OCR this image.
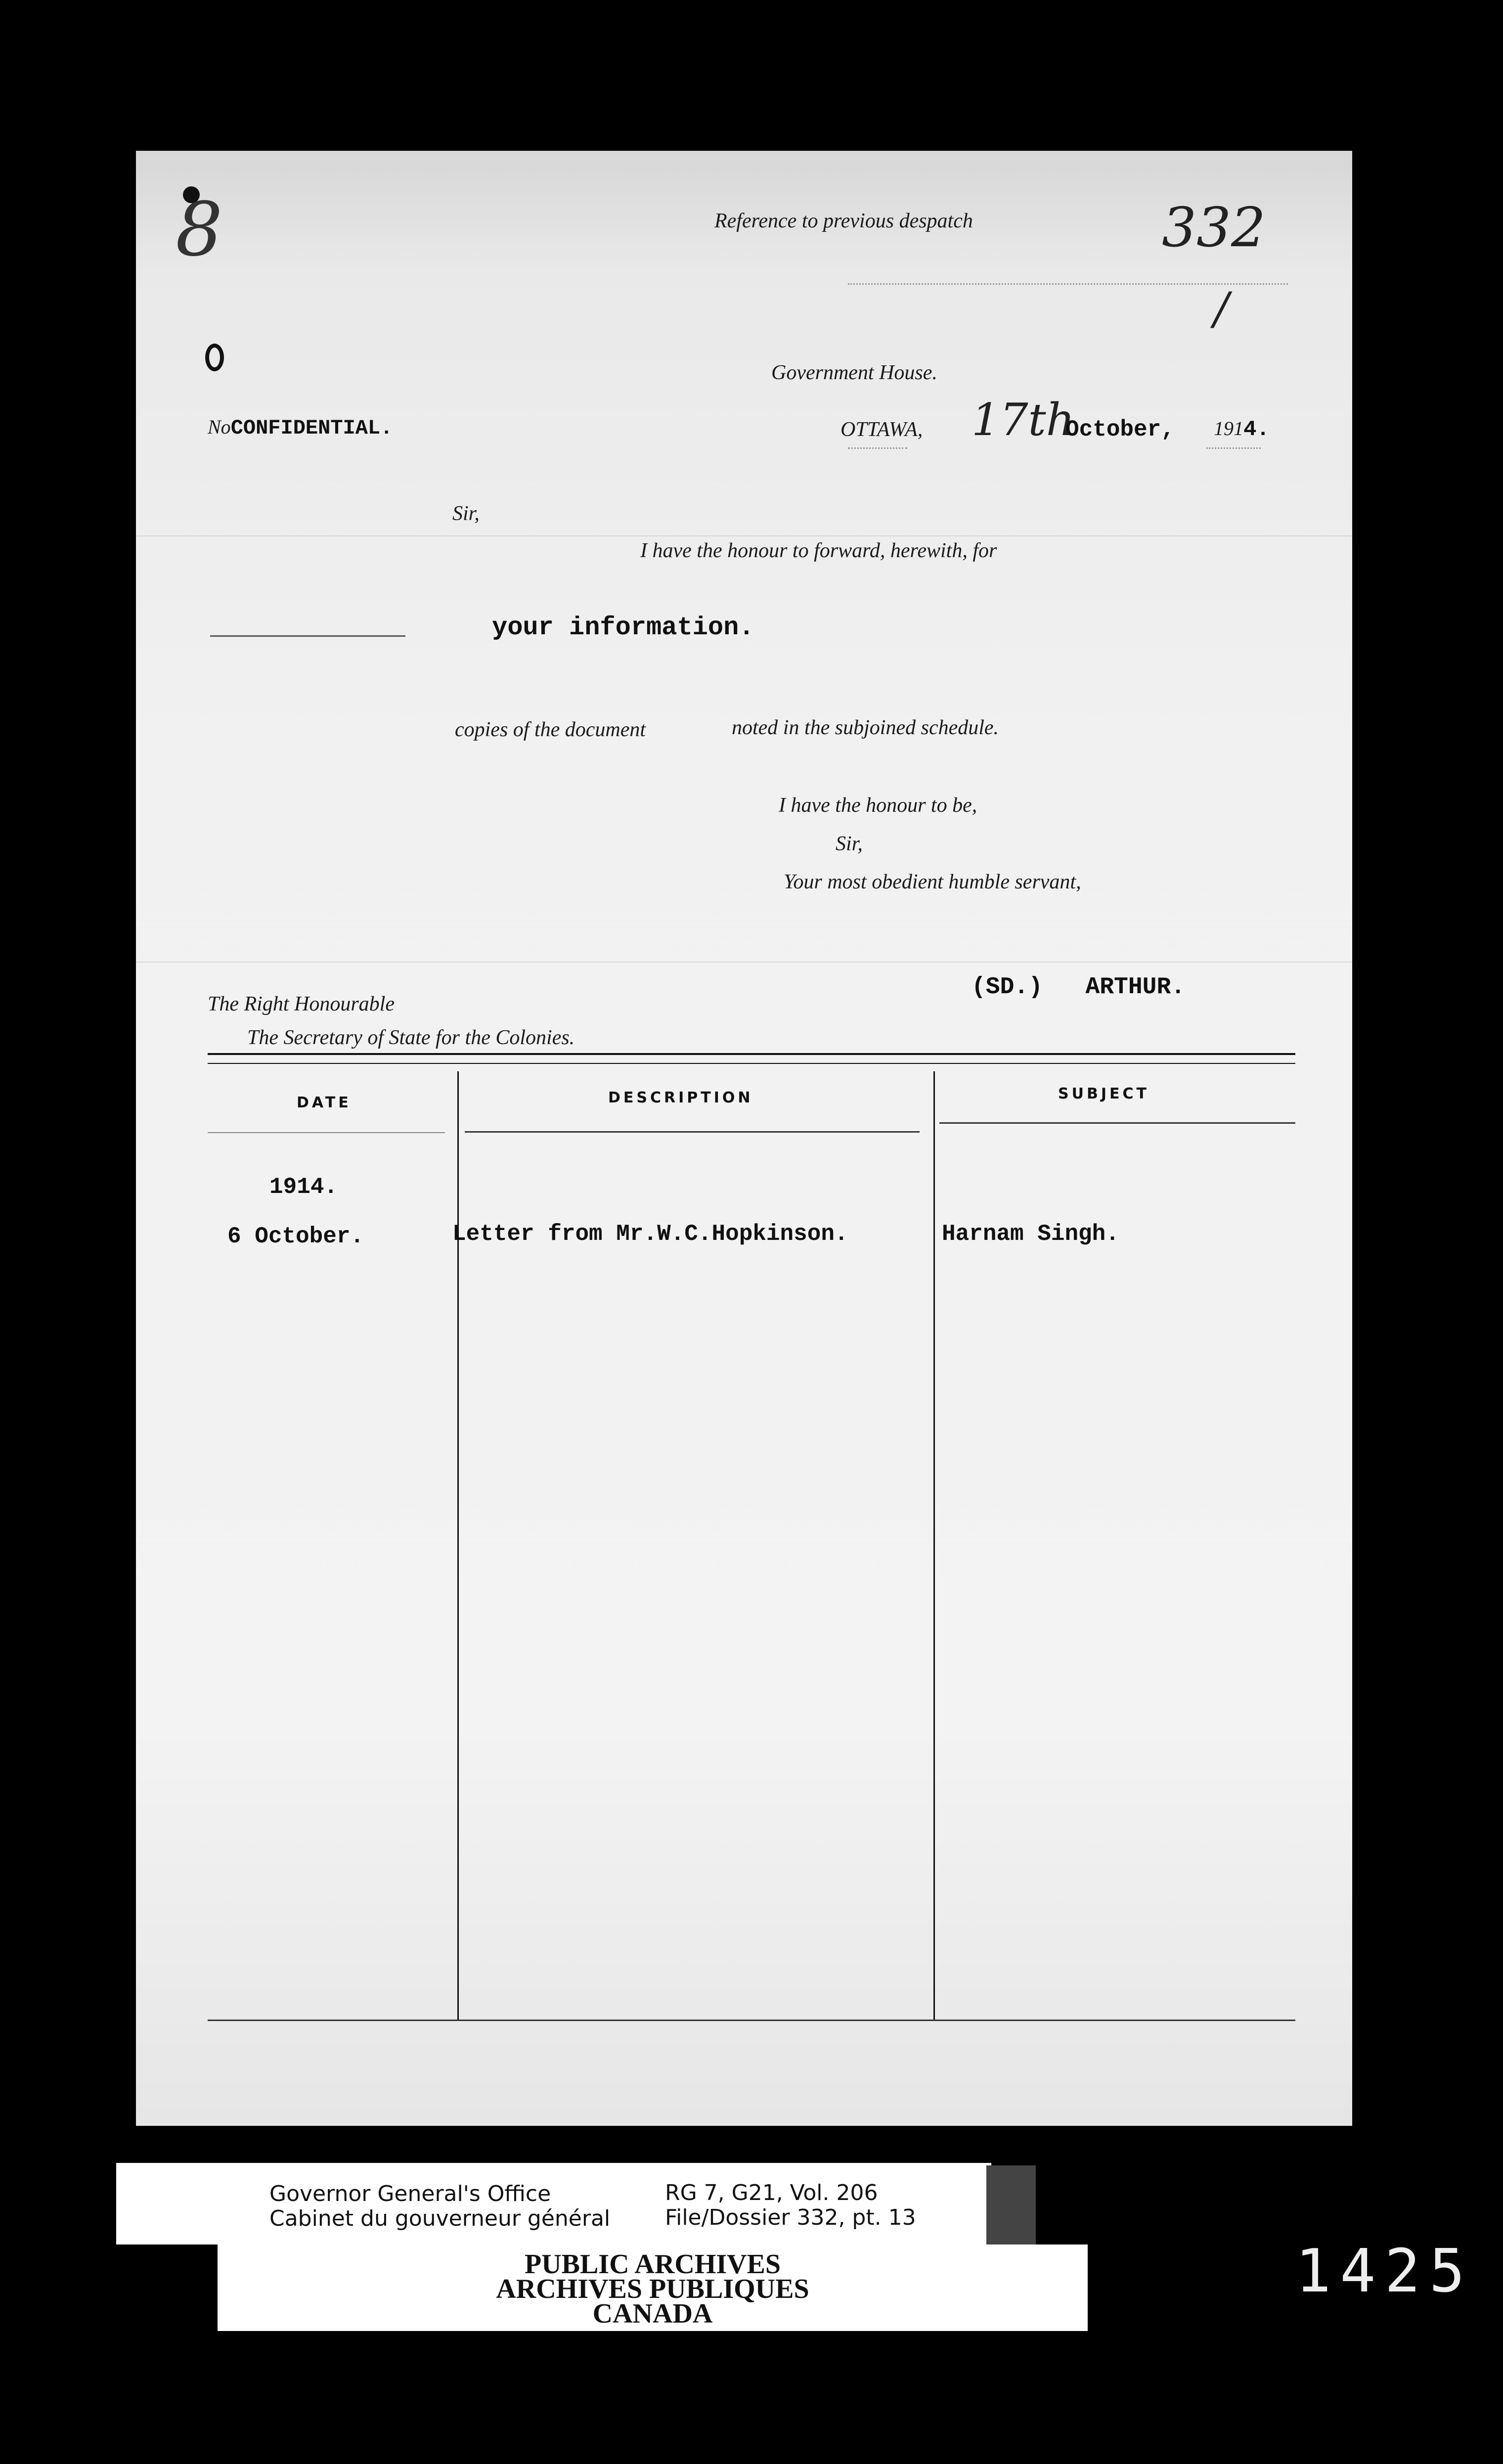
8	Reference to previous despatch	332
/
Government House.
NoCONFIDENTIAL.	OTTAWA, 17th
October, 1914.
Sir,
I have the honour to forward, herewith, for
your information.
copies of the document	noted in the subjoined schedule.
I have the honour to be,
Sir,
Your most obedient humble servant,
(SD.)   ARTHUR.
The Right Honourable
The Secretary of State for the Colonies.
DATE	DESCRIPTION	SUBJECT
1914.
6 October.	Letter from Mr.W.C.Hopkinson.	Harnam Singh.
Governor General's Office
Cabinet du gouverneur général
RG 7, G21, Vol. 206
File/Dossier 332, pt. 13
PUBLIC ARCHIVES
ARCHIVES PUBLIQUES
CANADA
1425
